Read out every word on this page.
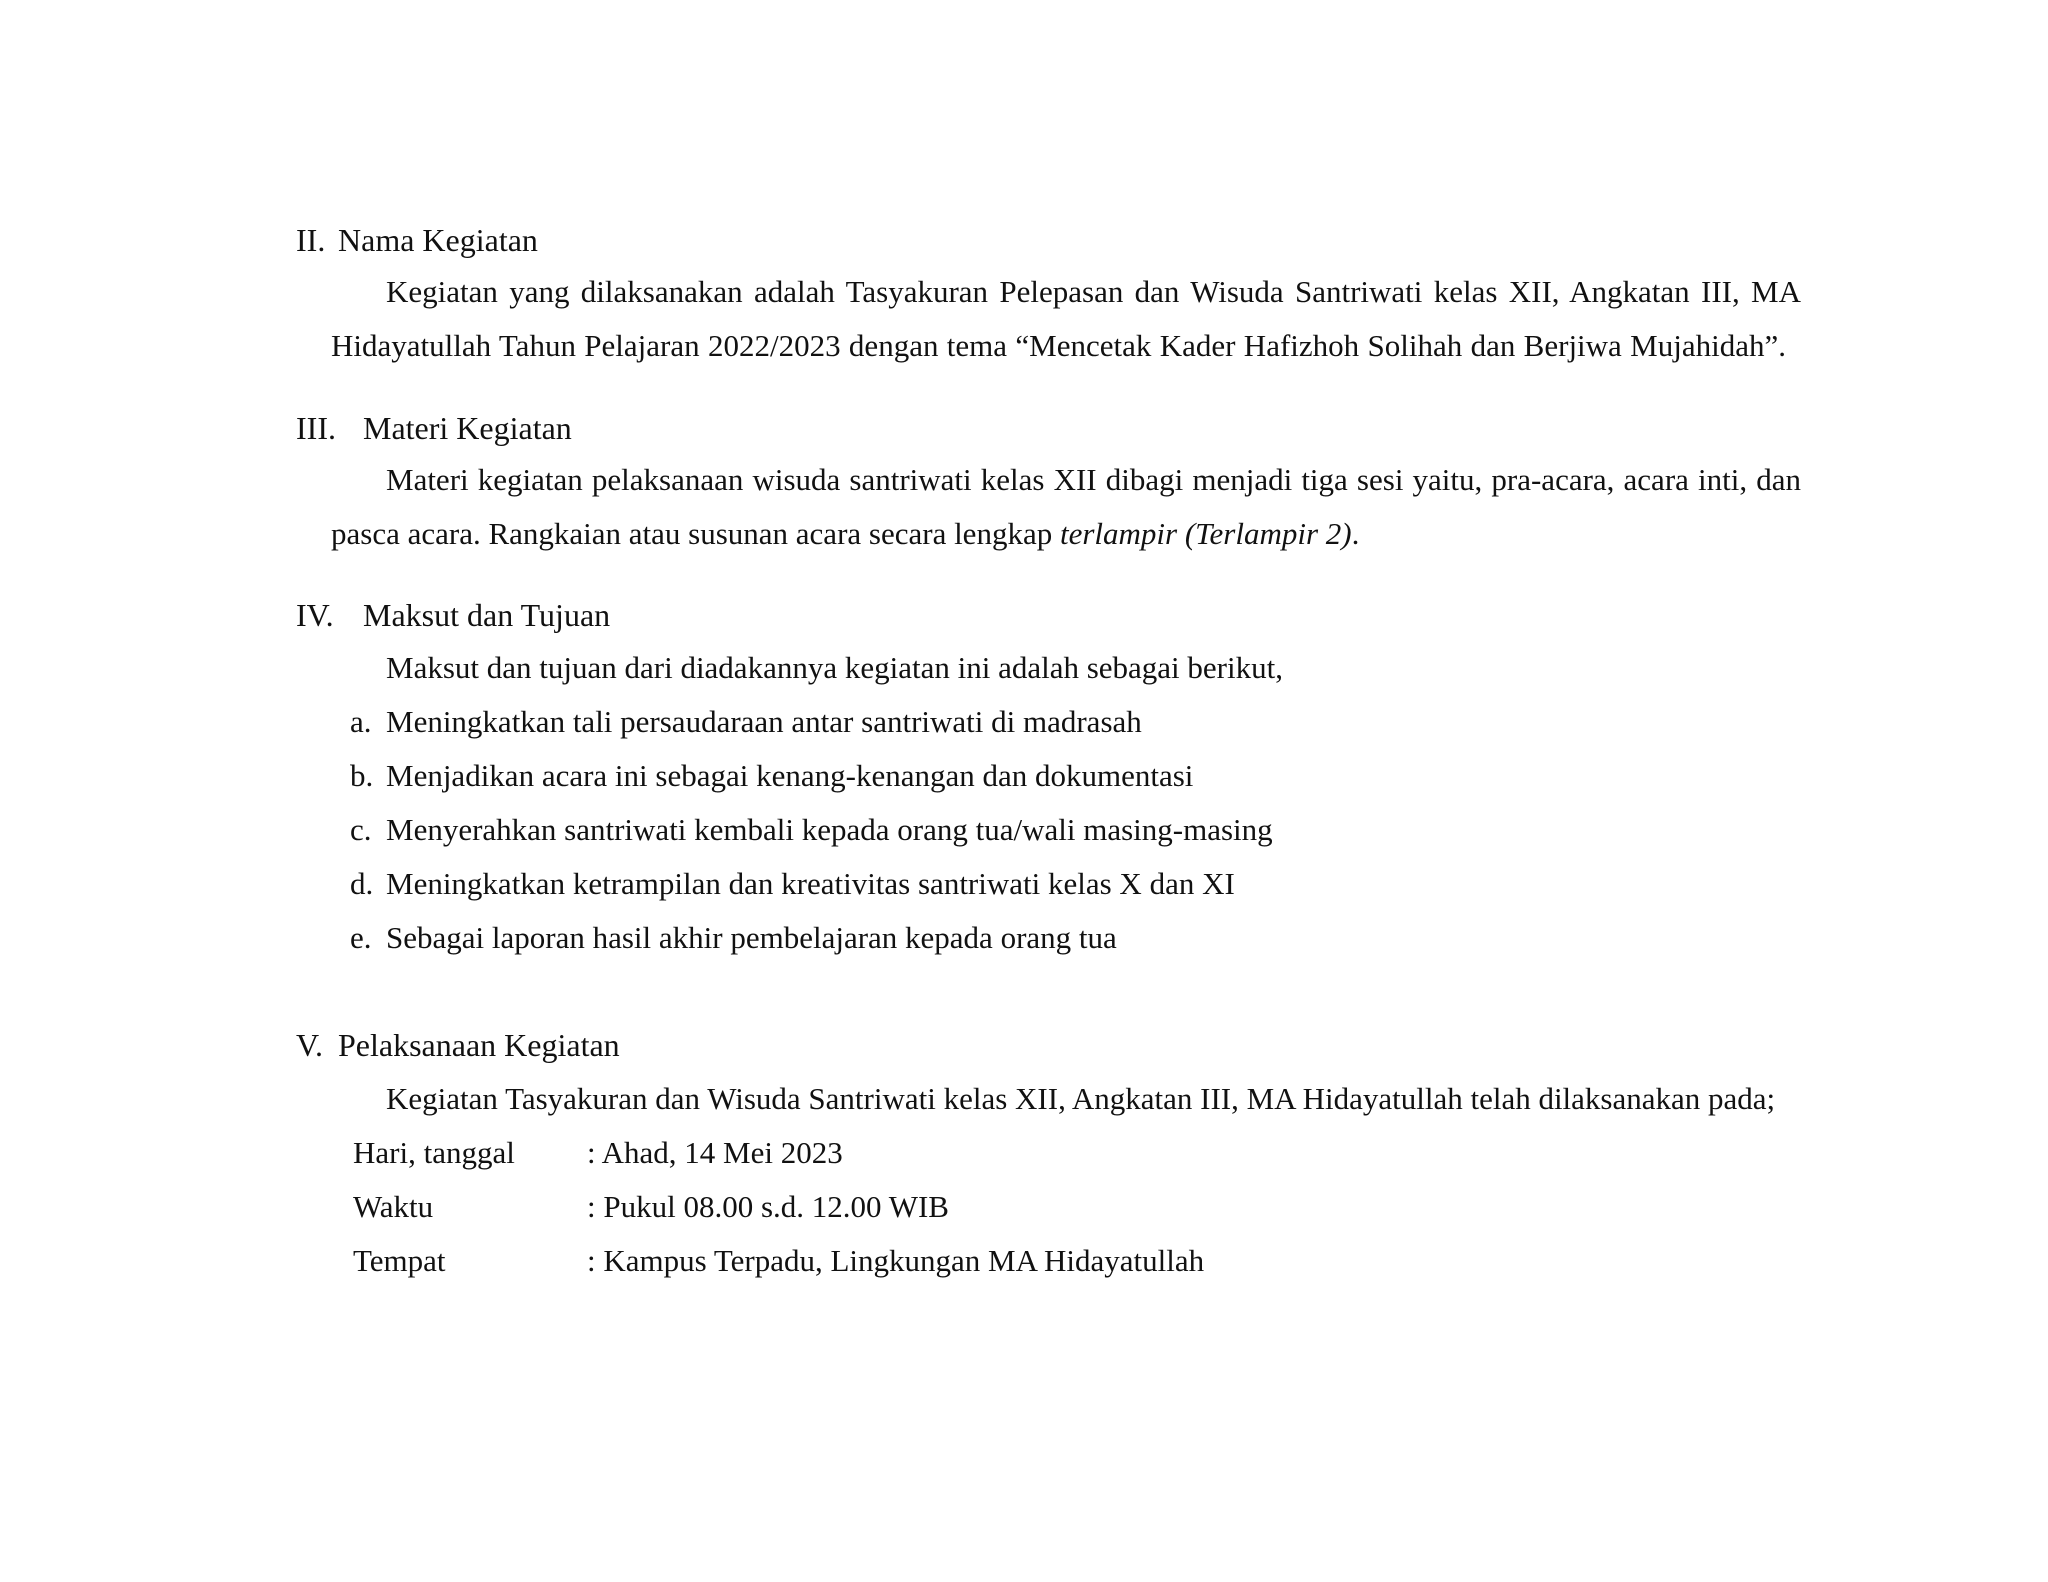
II. Nama Kegiatan
Kegiatan yang dilaksanakan adalah Tasyakuran Pelepasan dan Wisuda Santriwati kelas XII, Angkatan III, MA
Hidayatullah Tahun Pelajaran 2022/2023 dengan tema “Mencetak Kader Hafizhoh Solihah dan Berjiwa Mujahidah”.
III. Materi Kegiatan
Materi kegiatan pelaksanaan wisuda santriwati kelas XII dibagi menjadi tiga sesi yaitu, pra-acara, acara inti, dan
pasca acara. Rangkaian atau susunan acara secara lengkap terlampir (Terlampir 2).
IV. Maksut dan Tujuan
Maksut dan tujuan dari diadakannya kegiatan ini adalah sebagai berikut,
a. Meningkatkan tali persaudaraan antar santriwati di madrasah
b. Menjadikan acara ini sebagai kenang-kenangan dan dokumentasi
c. Menyerahkan santriwati kembali kepada orang tua/wali masing-masing
d. Meningkatkan ketrampilan dan kreativitas santriwati kelas X dan XI
e. Sebagai laporan hasil akhir pembelajaran kepada orang tua
V. Pelaksanaan Kegiatan
Kegiatan Tasyakuran dan Wisuda Santriwati kelas XII, Angkatan III, MA Hidayatullah telah dilaksanakan pada;
Hari, tanggal : Ahad, 14 Mei 2023
Waktu	: Pukul 08.00 s.d. 12.00 WIB
Tempat	: Kampus Terpadu, Lingkungan MA Hidayatullah
